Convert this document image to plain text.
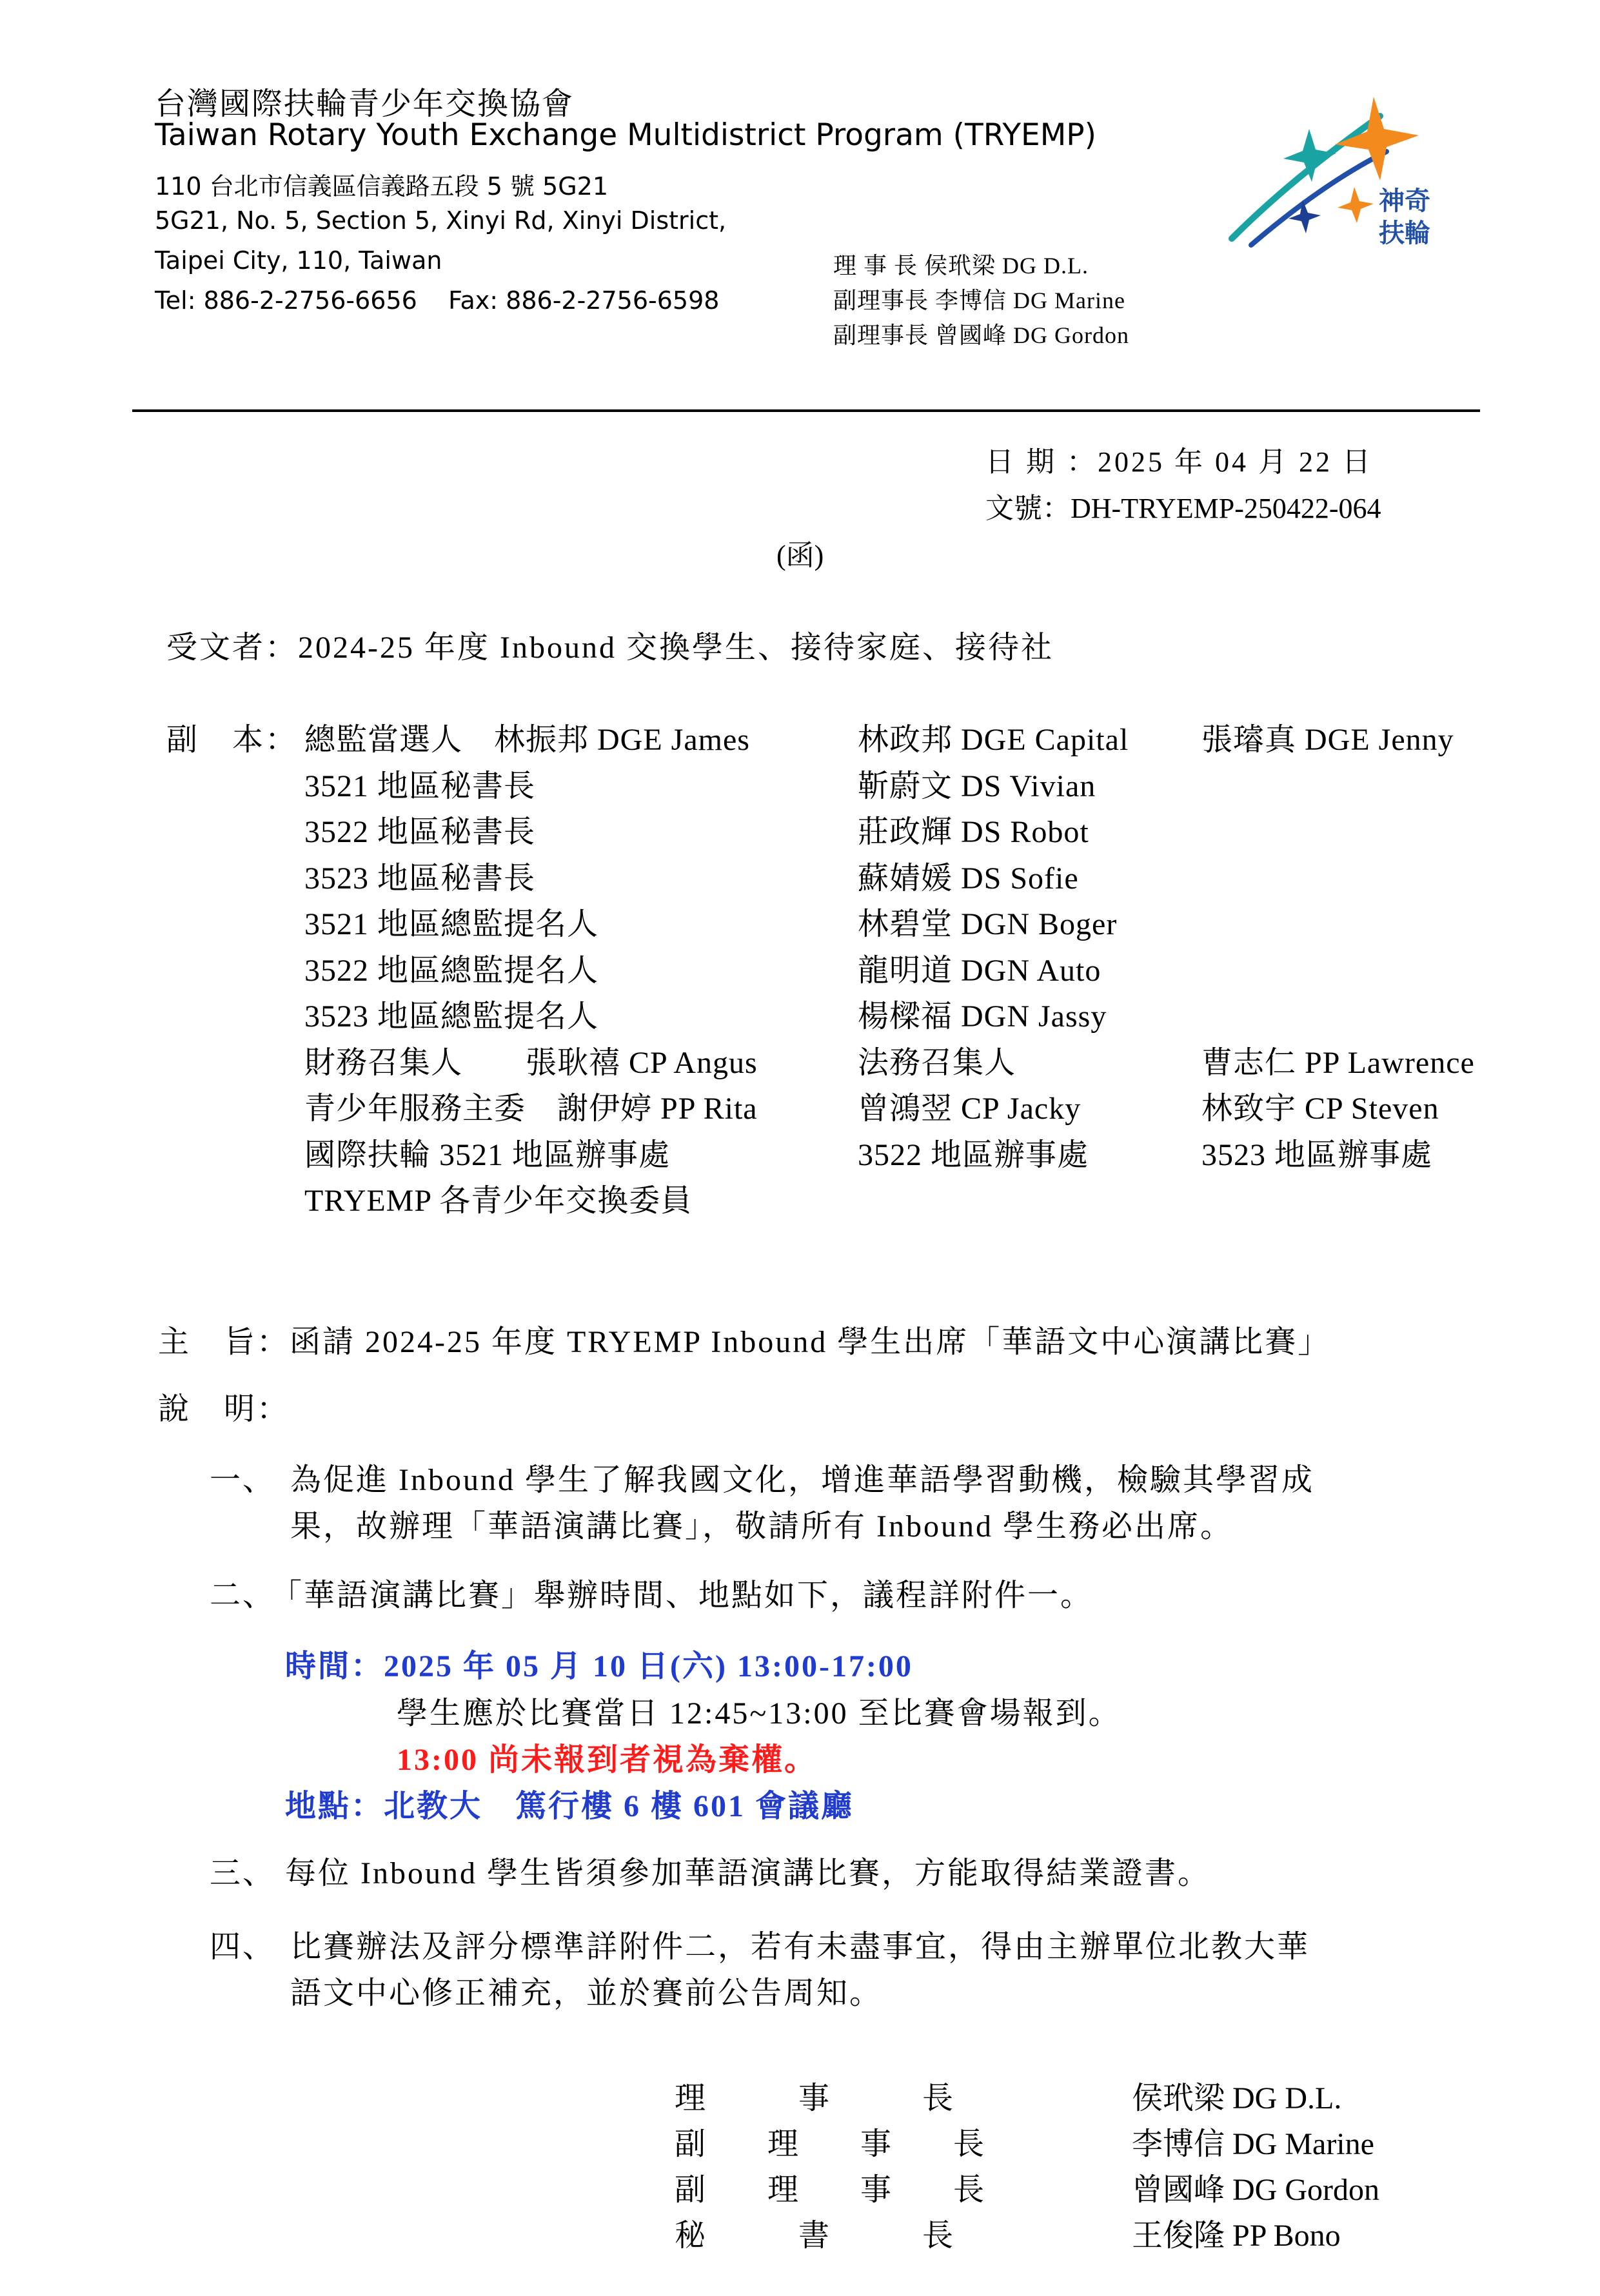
台灣國際扶輪青少年交換協會
Taiwan Rotary Youth Exchange Multidistrict Program (TRYEMP)
110 台北市信義區信義路五段 5 號 5G21
5G21, No. 5, Section 5, Xinyi Rd, Xinyi District,
Taipei City, 110, Taiwan
Tel: 886-2-2756-6656    Fax: 886-2-2756-6598
理 事 長 侯玳梁 DG D.L.
副理事長 李博信 DG Marine
副理事長 曾國峰 DG Gordon
神奇
扶輪
日 期 ：2025 年 04 月 22 日
文號：DH-TRYEMP-250422-064
(函)
受文者：2024-25 年度 Inbound 交換學生、接待家庭、接待社
副　本： 總監當選人　林振邦 DGE James	林政邦 DGE Capital 張璿真 DGE Jenny
3521 地區秘書長	靳蔚文 DS Vivian
3522 地區秘書長	莊政輝 DS Robot
3523 地區秘書長	蘇婧媛 DS Sofie
3521 地區總監提名人	林碧堂 DGN Boger
3522 地區總監提名人	龍明道 DGN Auto
3523 地區總監提名人	楊樑福 DGN Jassy
財務召集人　　張耿禧 CP Angus	法務召集人	曹志仁 PP Lawrence
青少年服務主委　謝伊婷 PP Rita	曾鴻翌 CP Jacky	林致宇 CP Steven
國際扶輪 3521 地區辦事處	3522 地區辦事處	3523 地區辦事處
TRYEMP 各青少年交換委員
主　旨：函請 2024-25 年度 TRYEMP Inbound 學生出席「華語文中心演講比賽」
說　明：
一、 為促進 Inbound 學生了解我國文化，增進華語學習動機，檢驗其學習成
果，故辦理「華語演講比賽」，敬請所有 Inbound 學生務必出席。
二、
「華語演講比賽」舉辦時間、地點如下，議程詳附件一。
時間：2025 年 05 月 10 日(六) 13:00-17:00
學生應於比賽當日 12:45~13:00 至比賽會場報到。
13:00 尚未報到者視為棄權。
地點：北教大　篤行樓 6 樓 601 會議廳
三、 每位 Inbound 學生皆須參加華語演講比賽，方能取得結業證書。
四、 比賽辦法及評分標準詳附件二，若有未盡事宜，得由主辦單位北教大華
語文中心修正補充，並於賽前公告周知。
理　　　事　　　長	侯玳梁 DG D.L.
副　　理　　事　　長	李博信 DG Marine
副　　理　　事　　長	曾國峰 DG Gordon
秘　　　書　　　長	王俊隆 PP Bono
